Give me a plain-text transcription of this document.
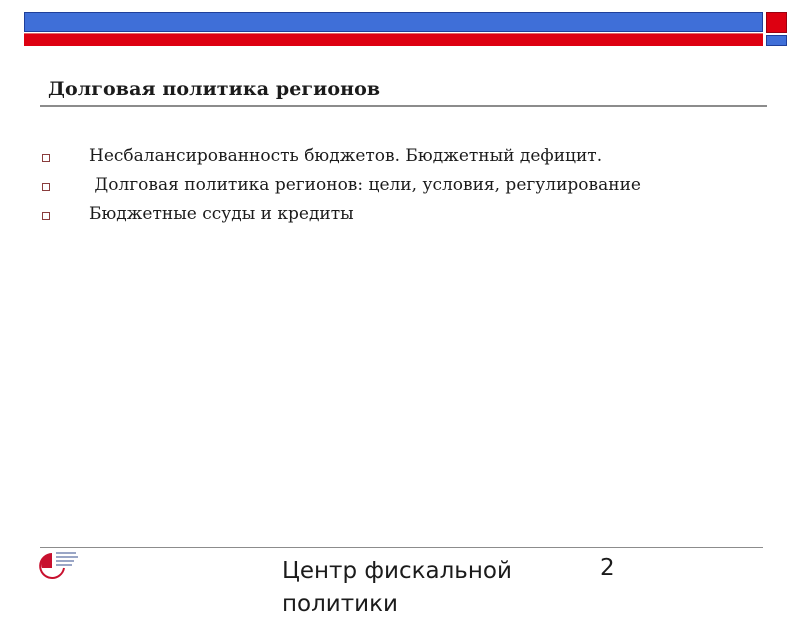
Долговая политика регионов
Несбалансированность бюджетов. Бюджетный дефицит.
Долговая политика регионов: цели, условия, регулирование
Бюджетные ссуды и кредиты
Центр фискальной политики
2
